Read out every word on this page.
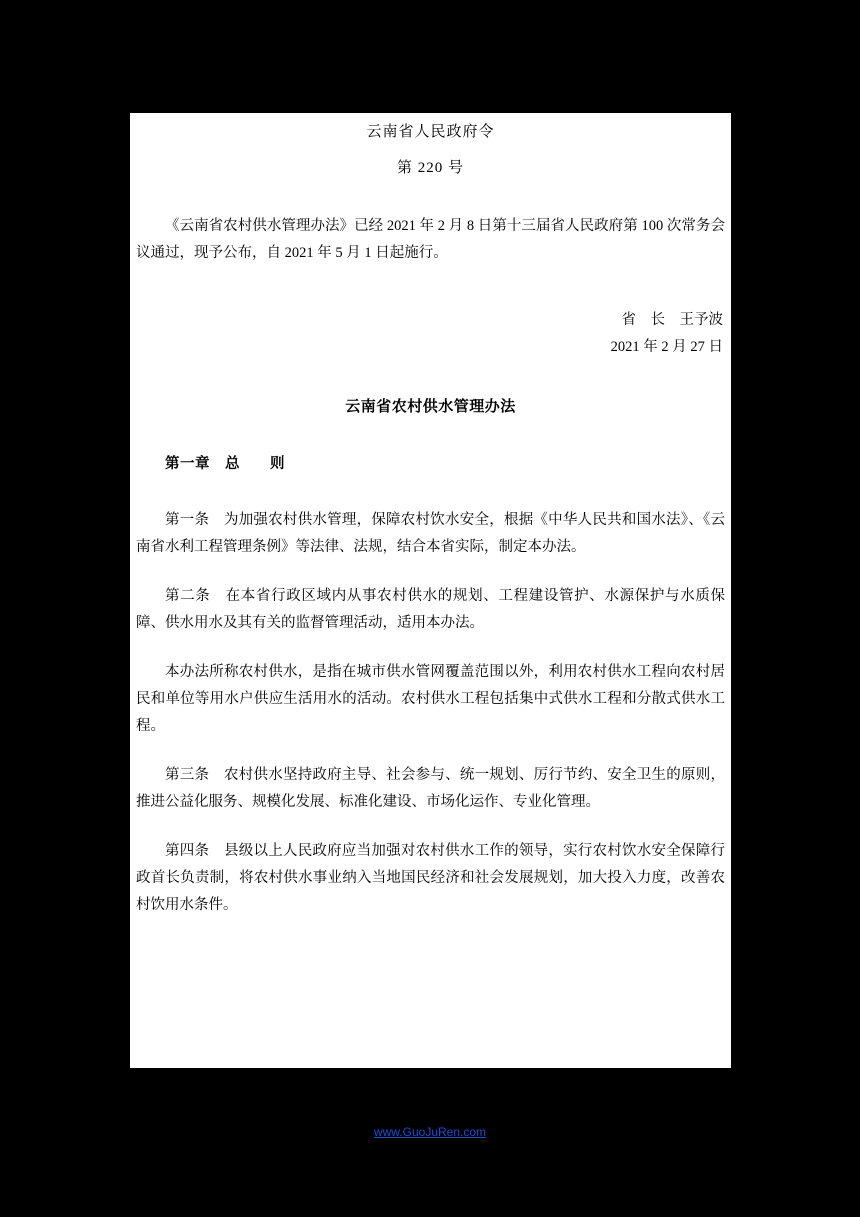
云南省人民政府令
第 220 号
《云南省农村供水管理办法》已经 2021 年 2 月 8 日第十三届省人民政府第 100 次常务会议通过，现予公布，自 2021 年 5 月 1 日起施行。
省　长　王予波
2021 年 2 月 27 日
云南省农村供水管理办法
第一章　总　　则
第一条 为加强农村供水管理，保障农村饮水安全，根据《中华人民共和国水法》、《云南省水利工程管理条例》等法律、法规，结合本省实际，制定本办法。
第二条 在本省行政区域内从事农村供水的规划、工程建设管护、水源保护与水质保障、供水用水及其有关的监督管理活动，适用本办法。
本办法所称农村供水，是指在城市供水管网覆盖范围以外，利用农村供水工程向农村居民和单位等用水户供应生活用水的活动。农村供水工程包括集中式供水工程和分散式供水工程。
第三条 农村供水坚持政府主导、社会参与、统一规划、厉行节约、安全卫生的原则，推进公益化服务、规模化发展、标准化建设、市场化运作、专业化管理。
第四条 县级以上人民政府应当加强对农村供水工作的领导，实行农村饮水安全保障行政首长负责制，将农村供水事业纳入当地国民经济和社会发展规划，加大投入力度，改善农村饮用水条件。
www.GuoJuRen.com
